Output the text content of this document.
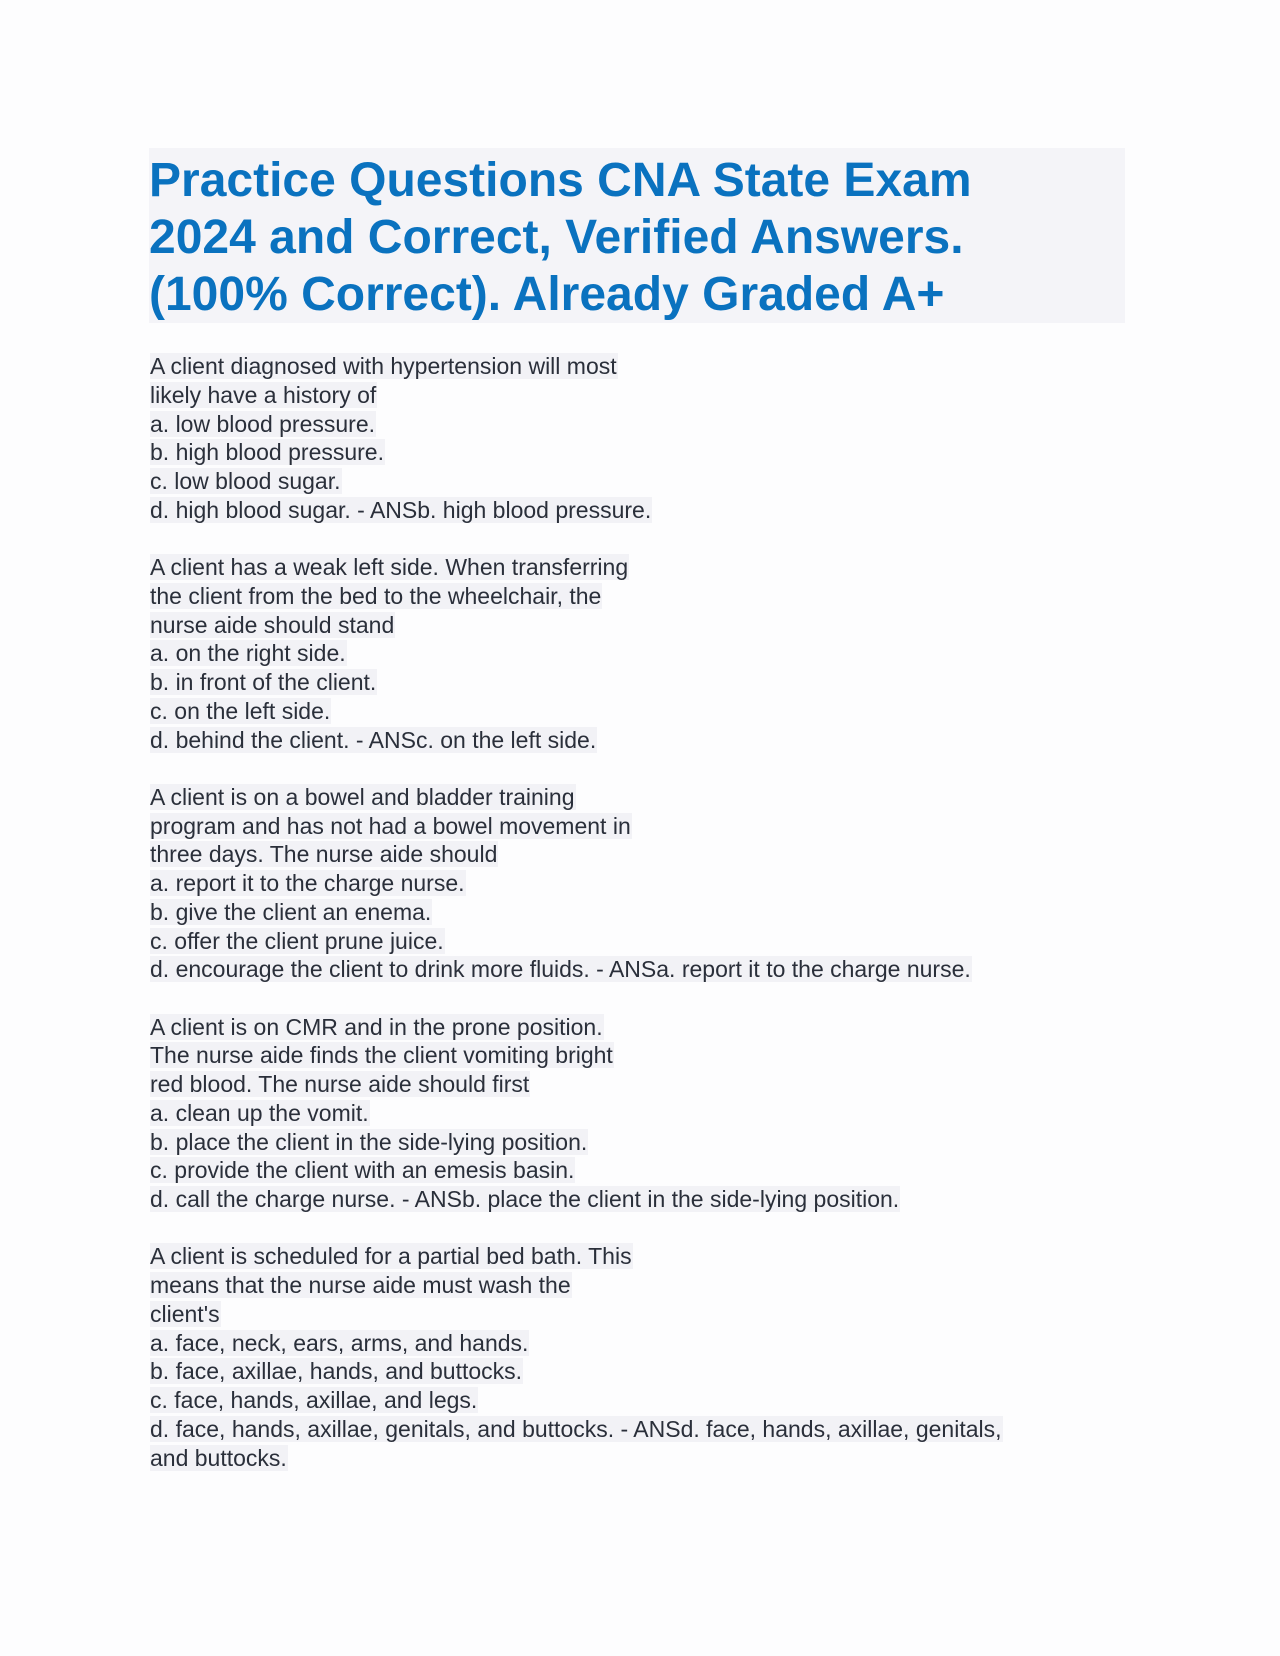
Practice Questions CNA State Exam
2024 and Correct, Verified Answers.
(100% Correct). Already Graded A+
A client diagnosed with hypertension will most
likely have a history of
a. low blood pressure.
b. high blood pressure.
c. low blood sugar.
d. high blood sugar. - ANSb. high blood pressure.
A client has a weak left side. When transferring
the client from the bed to the wheelchair, the
nurse aide should stand
a. on the right side.
b. in front of the client.
c. on the left side.
d. behind the client. - ANSc. on the left side.
A client is on a bowel and bladder training
program and has not had a bowel movement in
three days. The nurse aide should
a. report it to the charge nurse.
b. give the client an enema.
c. offer the client prune juice.
d. encourage the client to drink more fluids. - ANSa. report it to the charge nurse.
A client is on CMR and in the prone position.
The nurse aide finds the client vomiting bright
red blood. The nurse aide should first
a. clean up the vomit.
b. place the client in the side-lying position.
c. provide the client with an emesis basin.
d. call the charge nurse. - ANSb. place the client in the side-lying position.
A client is scheduled for a partial bed bath. This
means that the nurse aide must wash the
client's
a. face, neck, ears, arms, and hands.
b. face, axillae, hands, and buttocks.
c. face, hands, axillae, and legs.
d. face, hands, axillae, genitals, and buttocks. - ANSd. face, hands, axillae, genitals,
and buttocks.
